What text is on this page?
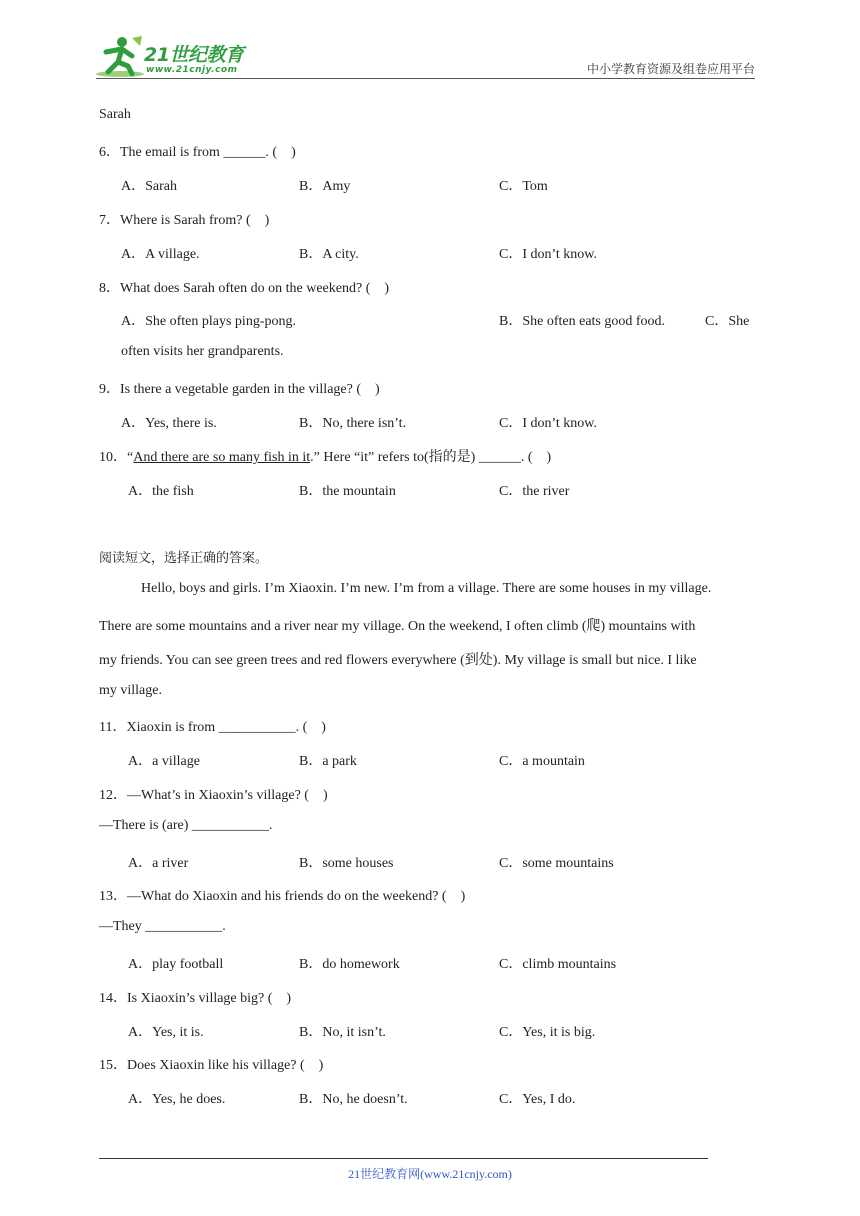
21世纪教育
www.21cnjy.com	中小学教育资源及组卷应用平台
Sarah
6．The email is from ______. (　)
A．Sarah	B．Amy	C．Tom
7．Where is Sarah from? (　)
A．A village.	B．A city.	C．I don’t know.
8．What does Sarah often do on the weekend? (　)
A．She often plays ping-pong.	B．She often eats good food.	C．She
often visits her grandparents.
9．Is there a vegetable garden in the village? (　)
A．Yes, there is.	B．No, there isn’t.	C．I don’t know.
10．“And there are so many fish in it.” Here “it” refers to(指的是) ______. (　)
A．the fish	B．the mountain	C．the river
阅读短文，选择正确的答案。
Hello, boys and girls. I’m Xiaoxin. I’m new. I’m from a village. There are some houses in my village.
There are some mountains and a river near my village. On the weekend, I often climb (爬) mountains with
my friends. You can see green trees and red flowers everywhere (到处). My village is small but nice. I like
my village.
11．Xiaoxin is from ___________. (　)
A．a village	B．a park	C．a mountain
12．—What’s in Xiaoxin’s village? (　)
—There is (are) ___________.
A．a river	B．some houses	C．some mountains
13．—What do Xiaoxin and his friends do on the weekend? (　)
—They ___________.
A．play football	B．do homework	C．climb mountains
14．Is Xiaoxin’s village big? (　)
A．Yes, it is.	B．No, it isn’t.	C．Yes, it is big.
15．Does Xiaoxin like his village? (　)
A．Yes, he does.	B．No, he doesn’t.	C．Yes, I do.
21世纪教育网(www.21cnjy.com)
